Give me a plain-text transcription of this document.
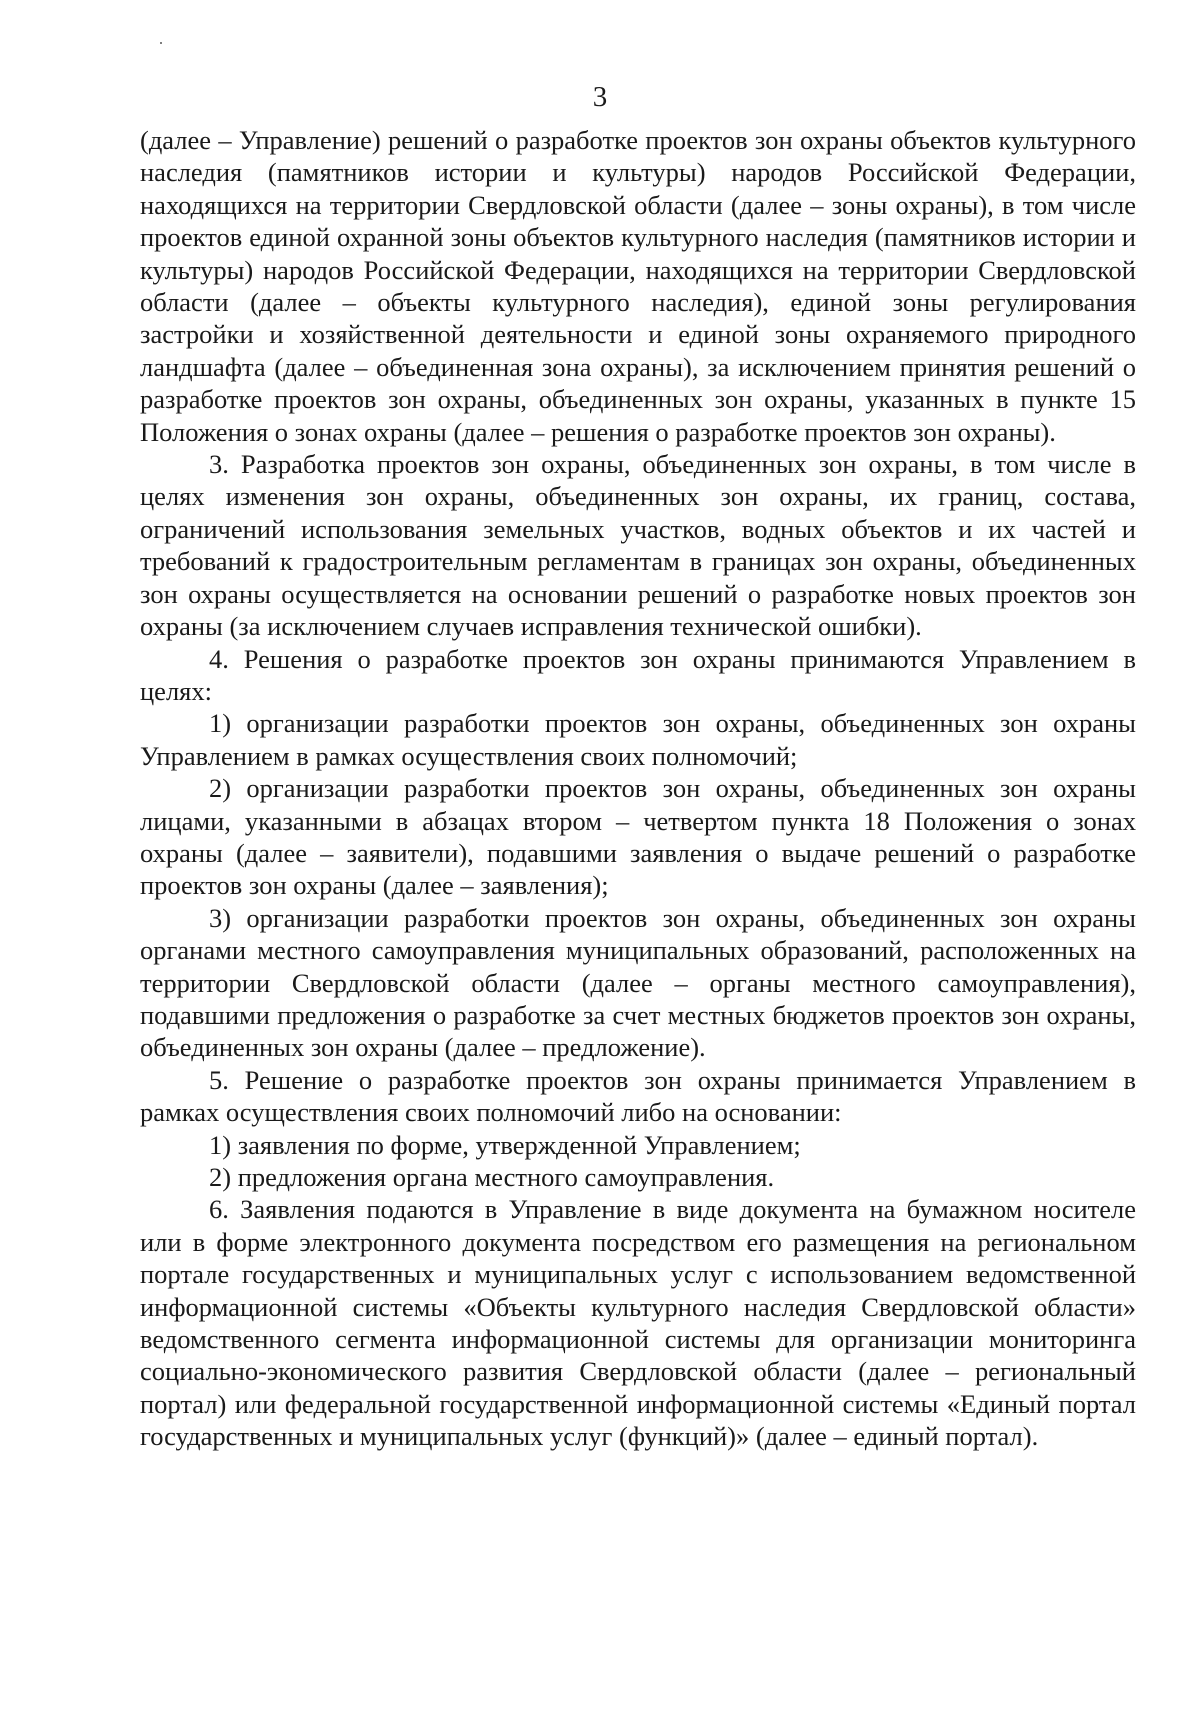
3

(далее – Управление) решений о разработке проектов зон охраны объектов культурного наследия (памятников истории и культуры) народов Российской Федерации, находящихся на территории Свердловской области (далее – зоны охраны), в том числе проектов единой охранной зоны объектов культурного наследия (памятников истории и культуры) народов Российской Федерации, находящихся на территории Свердловской области (далее – объекты культурного наследия), единой зоны регулирования застройки и хозяйственной деятельности и единой зоны охраняемого природного ландшафта (далее – объединенная зона охраны), за исключением принятия решений о разработке проектов зон охраны, объединенных зон охраны, указанных в пункте 15 Положения о зонах охраны (далее – решения о разработке проектов зон охраны).

3. Разработка проектов зон охраны, объединенных зон охраны, в том числе в целях изменения зон охраны, объединенных зон охраны, их границ, состава, ограничений использования земельных участков, водных объектов и их частей и требований к градостроительным регламентам в границах зон охраны, объединенных зон охраны осуществляется на основании решений о разработке новых проектов зон охраны (за исключением случаев исправления технической ошибки).

4. Решения о разработке проектов зон охраны принимаются Управлением в целях:

1) организации разработки проектов зон охраны, объединенных зон охраны Управлением в рамках осуществления своих полномочий;

2) организации разработки проектов зон охраны, объединенных зон охраны лицами, указанными в абзацах втором – четвертом пункта 18 Положения о зонах охраны (далее – заявители), подавшими заявления о выдаче решений о разработке проектов зон охраны (далее – заявления);

3) организации разработки проектов зон охраны, объединенных зон охраны органами местного самоуправления муниципальных образований, расположенных на территории Свердловской области (далее – органы местного самоуправления), подавшими предложения о разработке за счет местных бюджетов проектов зон охраны, объединенных зон охраны (далее – предложение).

5. Решение о разработке проектов зон охраны принимается Управлением в рамках осуществления своих полномочий либо на основании:

1) заявления по форме, утвержденной Управлением;

2) предложения органа местного самоуправления.

6. Заявления подаются в Управление в виде документа на бумажном носителе или в форме электронного документа посредством его размещения на региональном портале государственных и муниципальных услуг с использованием ведомственной информационной системы «Объекты культурного наследия Свердловской области» ведомственного сегмента информационной системы для организации мониторинга социально-экономического развития Свердловской области (далее – региональный портал) или федеральной государственной информационной системы «Единый портал государственных и муниципальных услуг (функций)» (далее – единый портал).
